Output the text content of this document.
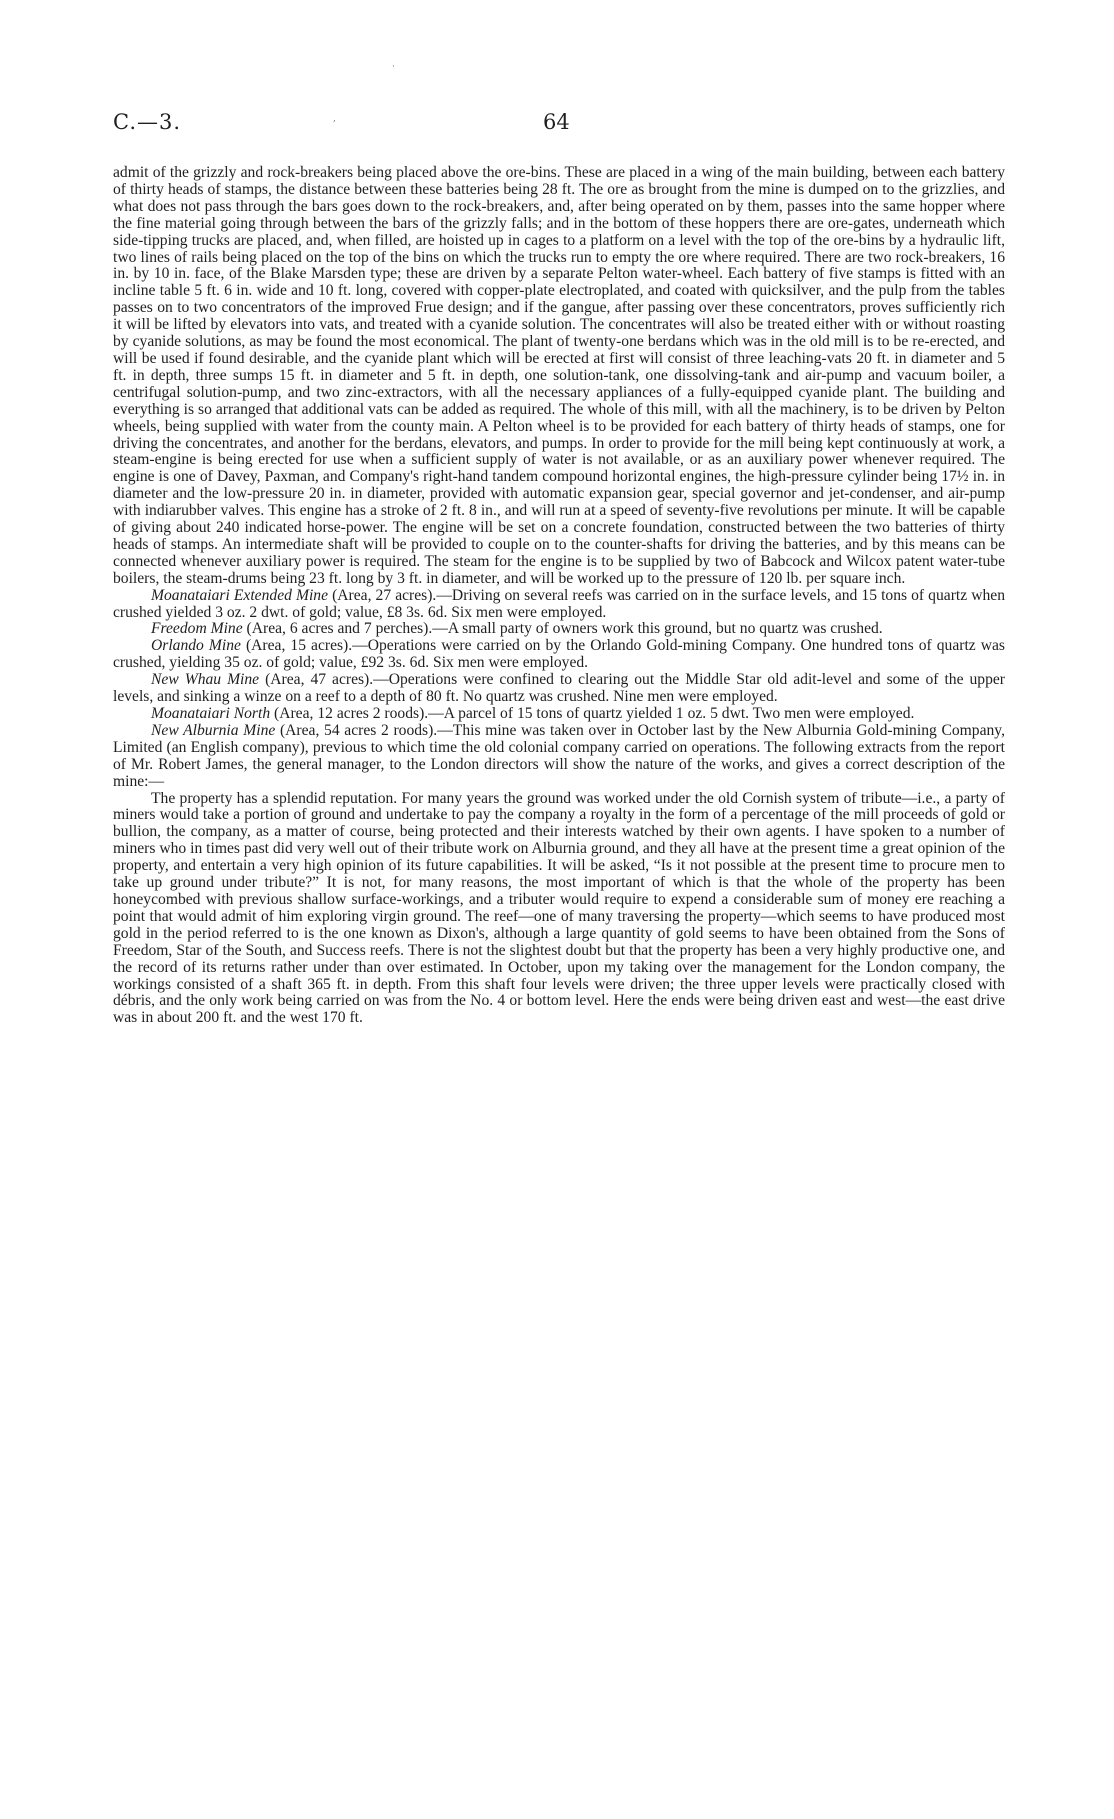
C.—3.	64
·
,

admit of the grizzly and rock-breakers being placed above the ore-bins. These are placed in a wing of the main building, between each battery of thirty heads of stamps, the distance between these batteries being 28 ft. The ore as brought from the mine is dumped on to the grizzlies, and what does not pass through the bars goes down to the rock-breakers, and, after being operated on by them, passes into the same hopper where the fine material going through between the bars of the grizzly falls; and in the bottom of these hoppers there are ore-gates, underneath which side-tipping trucks are placed, and, when filled, are hoisted up in cages to a platform on a level with the top of the ore-bins by a hydraulic lift, two lines of rails being placed on the top of the bins on which the trucks run to empty the ore where required. There are two rock-breakers, 16 in. by 10 in. face, of the Blake Marsden type; these are driven by a separate Pelton water-wheel. Each battery of five stamps is fitted with an incline table 5 ft. 6 in. wide and 10 ft. long, covered with copper-plate electroplated, and coated with quicksilver, and the pulp from the tables passes on to two concentrators of the improved Frue design; and if the gangue, after passing over these concentrators, proves sufficiently rich it will be lifted by elevators into vats, and treated with a cyanide solution. The concentrates will also be treated either with or without roasting by cyanide solutions, as may be found the most economical. The plant of twenty-one berdans which was in the old mill is to be re-erected, and will be used if found desirable, and the cyanide plant which will be erected at first will consist of three leaching-vats 20 ft. in diameter and 5 ft. in depth, three sumps 15 ft. in diameter and 5 ft. in depth, one solution-tank, one dissolving-tank and air-pump and vacuum boiler, a centrifugal solution-pump, and two zinc-extractors, with all the necessary appliances of a fully-equipped cyanide plant. The building and everything is so arranged that additional vats can be added as required. The whole of this mill, with all the machinery, is to be driven by Pelton wheels, being supplied with water from the county main. A Pelton wheel is to be provided for each battery of thirty heads of stamps, one for driving the concentrates, and another for the berdans, elevators, and pumps. In order to provide for the mill being kept continuously at work, a steam-engine is being erected for use when a sufficient supply of water is not available, or as an auxiliary power whenever required. The engine is one of Davey, Paxman, and Company's right-hand tandem compound horizontal engines, the high-pressure cylinder being 17½ in. in diameter and the low-pressure 20 in. in diameter, provided with automatic expansion gear, special governor and jet-condenser, and air-pump with indiarubber valves. This engine has a stroke of 2 ft. 8 in., and will run at a speed of seventy-five revolutions per minute. It will be capable of giving about 240 indicated horse-power. The engine will be set on a concrete foundation, constructed between the two batteries of thirty heads of stamps. An intermediate shaft will be provided to couple on to the counter-shafts for driving the batteries, and by this means can be connected whenever auxiliary power is required. The steam for the engine is to be supplied by two of Babcock and Wilcox patent water-tube boilers, the steam-drums being 23 ft. long by 3 ft. in diameter, and will be worked up to the pressure of 120 lb. per square inch.

Moanataiari Extended Mine (Area, 27 acres).—Driving on several reefs was carried on in the surface levels, and 15 tons of quartz when crushed yielded 3 oz. 2 dwt. of gold; value, £8 3s. 6d. Six men were employed.

Freedom Mine (Area, 6 acres and 7 perches).—A small party of owners work this ground, but no quartz was crushed.

Orlando Mine (Area, 15 acres).—Operations were carried on by the Orlando Gold-mining Company. One hundred tons of quartz was crushed, yielding 35 oz. of gold; value, £92 3s. 6d. Six men were employed.

New Whau Mine (Area, 47 acres).—Operations were confined to clearing out the Middle Star old adit-level and some of the upper levels, and sinking a winze on a reef to a depth of 80 ft. No quartz was crushed. Nine men were employed.

Moanataiari North (Area, 12 acres 2 roods).—A parcel of 15 tons of quartz yielded 1 oz. 5 dwt. Two men were employed.

New Alburnia Mine (Area, 54 acres 2 roods).—This mine was taken over in October last by the New Alburnia Gold-mining Company, Limited (an English company), previous to which time the old colonial company carried on operations. The following extracts from the report of Mr. Robert James, the general manager, to the London directors will show the nature of the works, and gives a correct description of the mine:—

The property has a splendid reputation. For many years the ground was worked under the old Cornish system of tribute—i.e., a party of miners would take a portion of ground and undertake to pay the company a royalty in the form of a percentage of the mill proceeds of gold or bullion, the company, as a matter of course, being protected and their interests watched by their own agents. I have spoken to a number of miners who in times past did very well out of their tribute work on Alburnia ground, and they all have at the present time a great opinion of the property, and entertain a very high opinion of its future capabilities. It will be asked, “Is it not possible at the present time to procure men to take up ground under tribute?” It is not, for many reasons, the most important of which is that the whole of the property has been honeycombed with previous shallow surface-workings, and a tributer would require to expend a considerable sum of money ere reaching a point that would admit of him exploring virgin ground. The reef—one of many traversing the property—which seems to have produced most gold in the period referred to is the one known as Dixon's, although a large quantity of gold seems to have been obtained from the Sons of Freedom, Star of the South, and Success reefs. There is not the slightest doubt but that the property has been a very highly productive one, and the record of its returns rather under than over estimated. In October, upon my taking over the management for the London company, the workings consisted of a shaft 365 ft. in depth. From this shaft four levels were driven; the three upper levels were practically closed with débris, and the only work being carried on was from the No. 4 or bottom level. Here the ends were being driven east and west—the east drive was in about 200 ft. and the west 170 ft.
